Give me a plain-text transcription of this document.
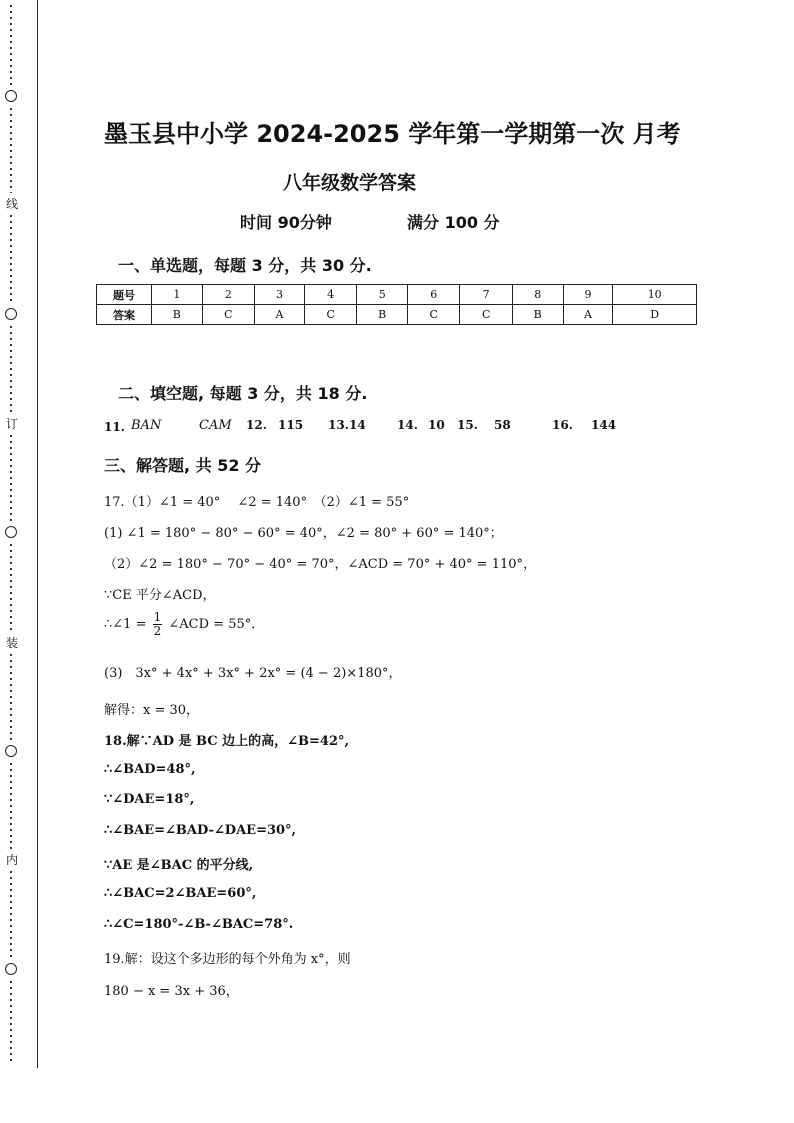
线
订
装
内
墨玉县中小学 2024-2025 学年第一学期第一次 月考
八年级数学答案
时间 90分钟	满分 100 分
一、单选题，每题 3 分，共 30 分.
题号	1	2	3	4	5	6	7	8	9	10
答案	B	C	A	C	B	C	C	B	A	D
二、填空题, 每题 3 分，共 18 分.
11. BAN	CAM 12. 115 13. 14	14. 10 15. 58	16. 144
三、解答题, 共 52 分
17.（1）∠1 = 40°　 ∠2 = 140°　（2）∠1 = 55°
(1) ∠1 = 180° − 80° − 60° = 40°，∠2 = 80° + 60° = 140°；
（2）∠2 = 180° − 70° − 40° = 70°，∠ACD = 70° + 40° = 110°，
∵CE 平分∠ACD，
∴∠1 = $\frac{1}{2}$ ∠ACD = 55°．
(3)　3x° + 4x° + 3x° + 2x° = (4 − 2)×180°，
解得：x = 30，
18.解∵AD 是 BC 边上的高，∠B=42°,
∴∠BAD=48°,
∵∠DAE=18°,
∴∠BAE=∠BAD-∠DAE=30°,
∵AE 是∠BAC 的平分线,
∴∠BAC=2∠BAE=60°,
∴∠C=180°-∠B-∠BAC=78°.
19.解：设这个多边形的每个外角为 x°，则
180 − x = 3x + 36，
